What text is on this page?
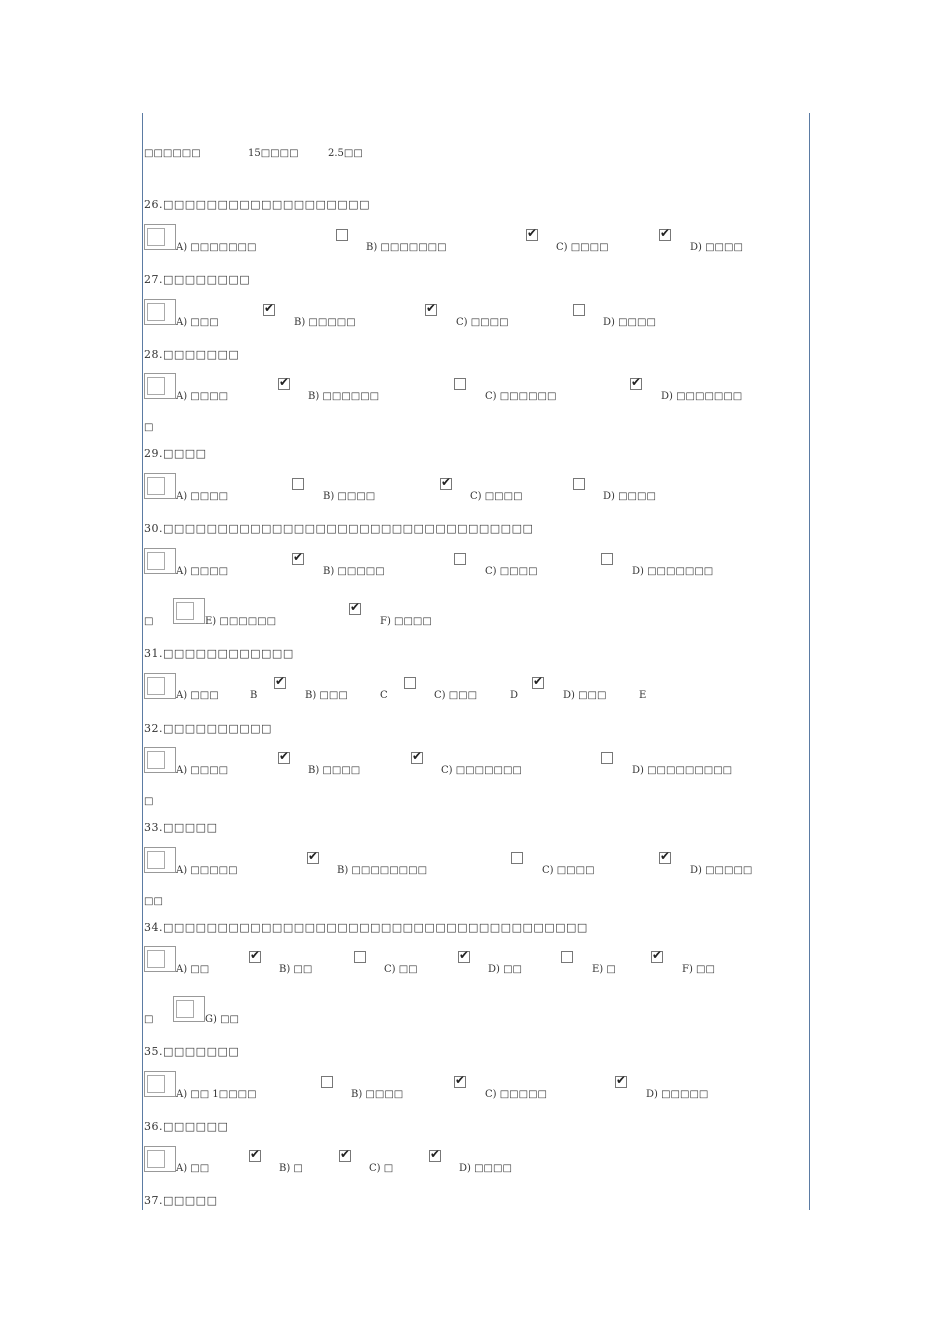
□□□□□□	15□□□□	2.5□□
26.□□□□□□□□□□□□□□□□□□□
A) □□□□□□□	B) □□□□□□□
✔	C) □□□□
✔	D) □□□□
27.□□□□□□□□
A) □□□
✔	B) □□□□□
✔	C) □□□□	D) □□□□
28.□□□□□□□
A) □□□□
✔	B) □□□□□□	C) □□□□□□
✔	D) □□□□□□□
□
29.□□□□
A) □□□□	B) □□□□
✔	C) □□□□	D) □□□□
30.□□□□□□□□□□□□□□□□□□□□□□□□□□□□□□□□□□
A) □□□□
✔	B) □□□□□	C) □□□□	D) □□□□□□□
□	E) □□□□□□
✔	F) □□□□
31.□□□□□□□□□□□□
A) □□□	B
✔	B) □□□	C	C) □□□	D
✔	D) □□□	E
32.□□□□□□□□□□
A) □□□□
✔	B) □□□□
✔	C) □□□□□□□	D) □□□□□□□□□
□
33.□□□□□
A) □□□□□
✔	B) □□□□□□□□	C) □□□□
✔	D) □□□□□
□□
34.□□□□□□□□□□□□□□□□□□□□□□□□□□□□□□□□□□□□□□□
A) □□
✔	B) □□	C) □□
✔	D) □□	E) □
✔	F) □□
□	G) □□
35.□□□□□□□
A) □□ 1□□□□	B) □□□□
✔	C) □□□□□
✔	D) □□□□□
36.□□□□□□
A) □□
✔	B) □
✔	C) □
✔	D) □□□□
37.□□□□□
